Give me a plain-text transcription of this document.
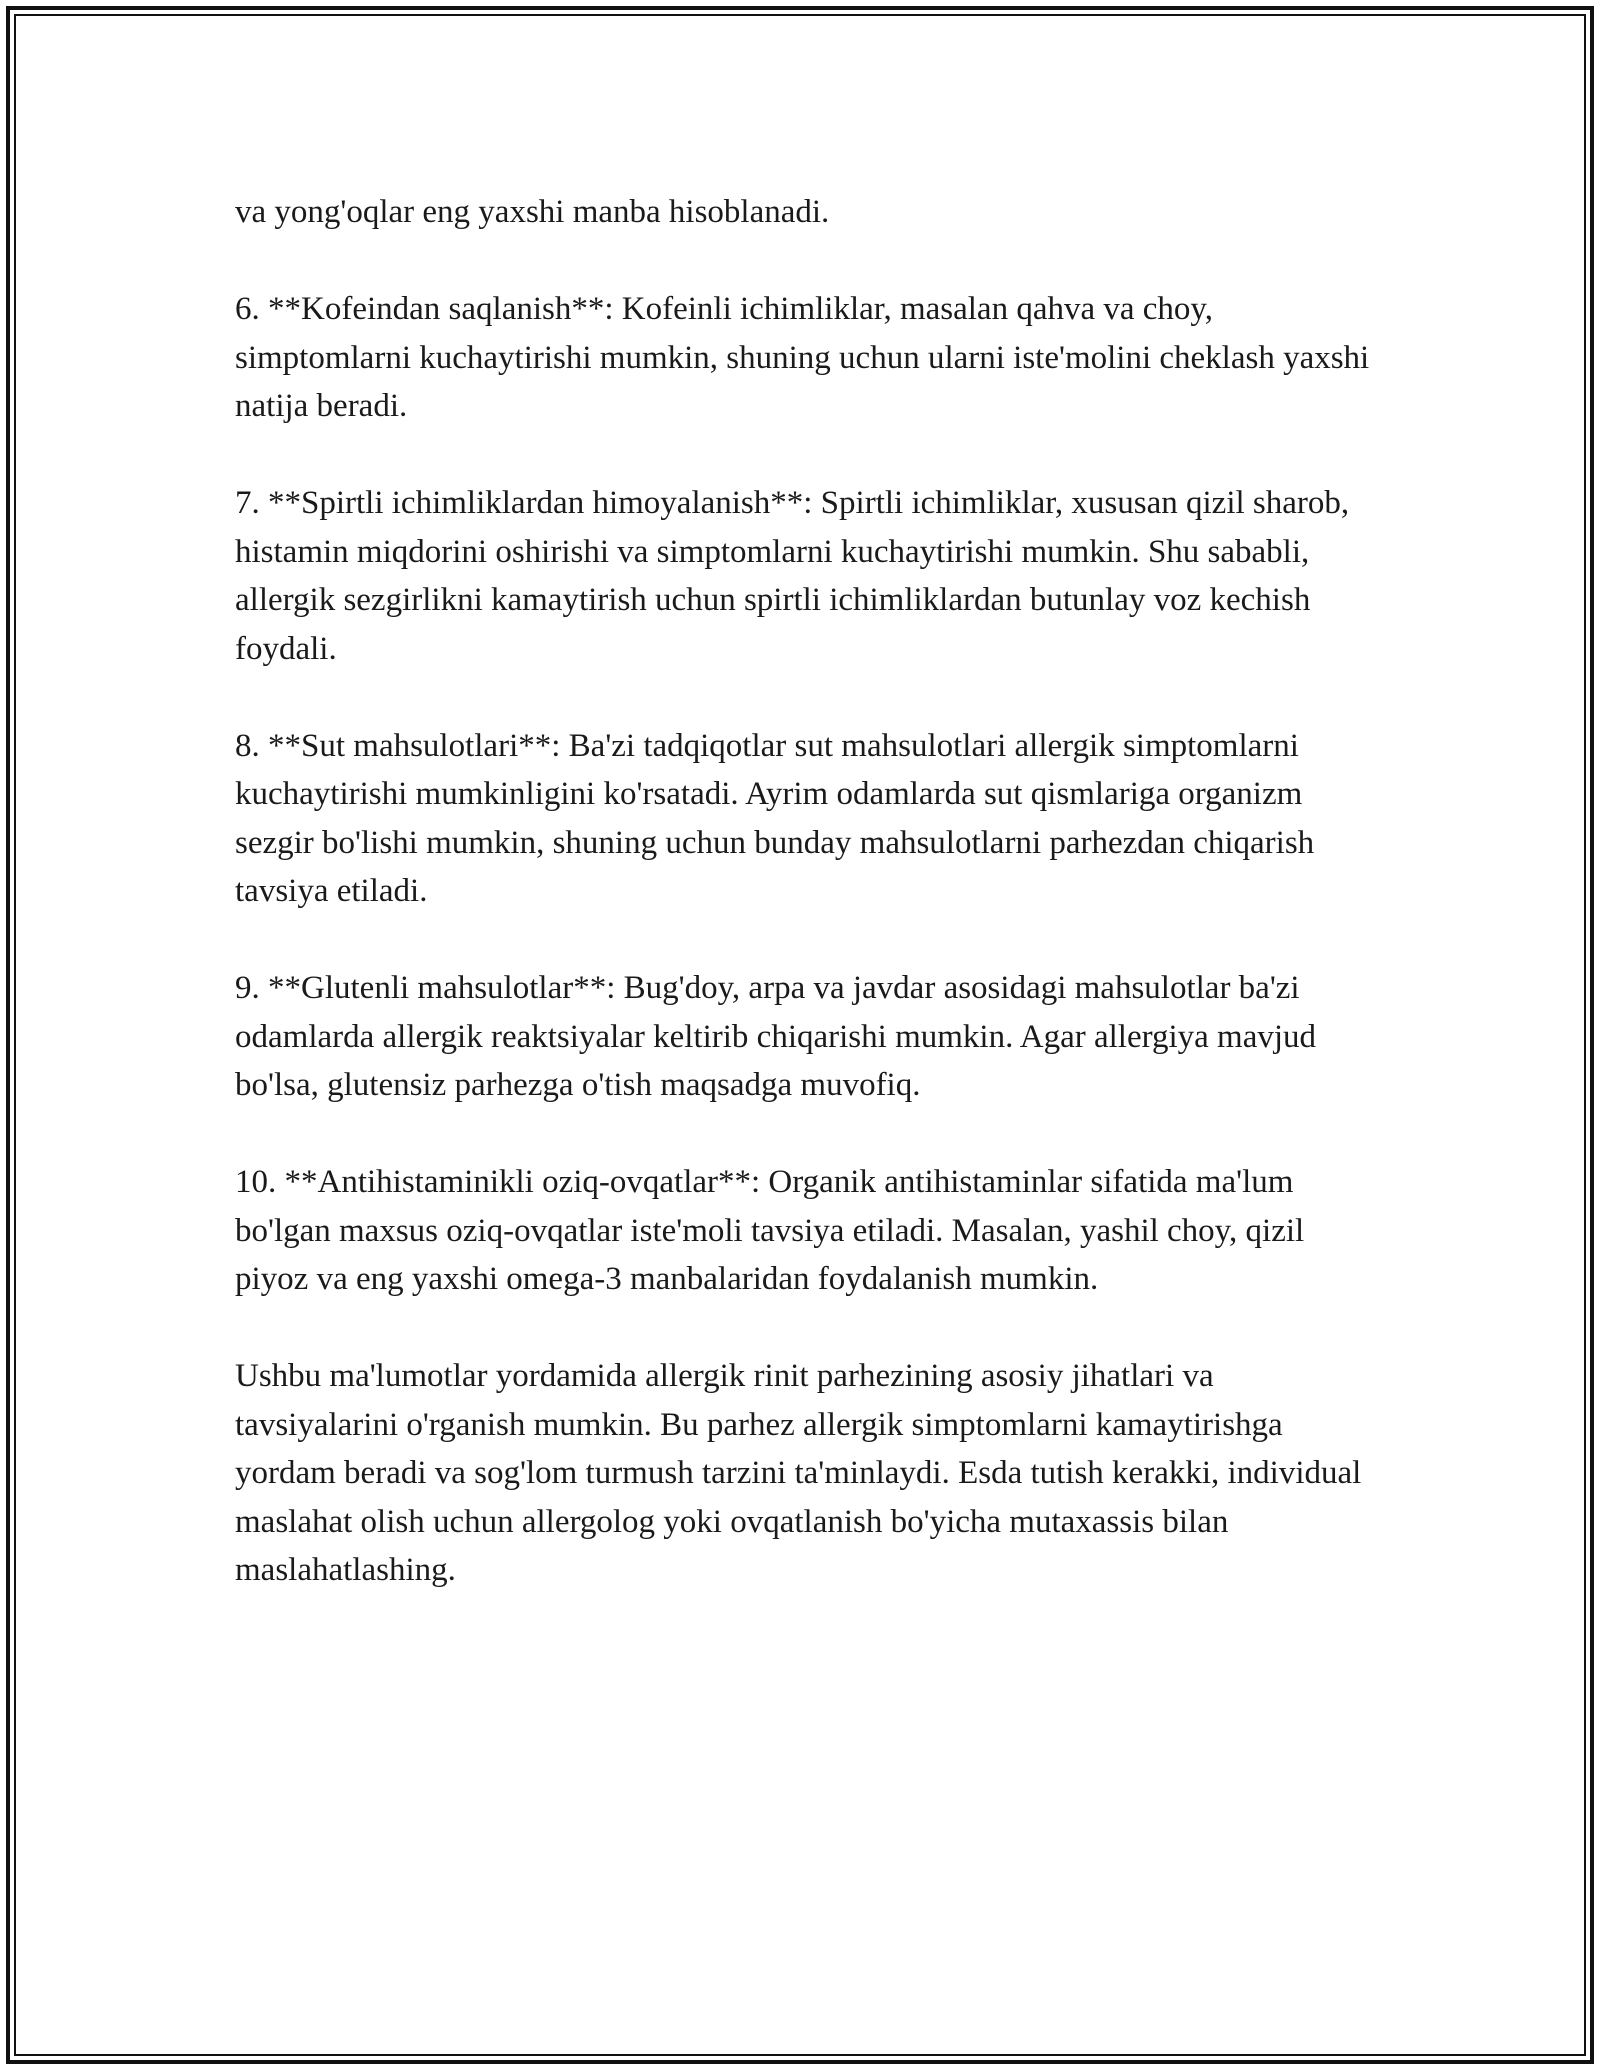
va yong'oqlar eng yaxshi manba hisoblanadi.

6. **Kofeindan saqlanish**: Kofeinli ichimliklar, masalan qahva va choy, simptomlarni kuchaytirishi mumkin, shuning uchun ularni iste'molini cheklash yaxshi natija beradi.

7. **Spirtli ichimliklardan himoyalanish**: Spirtli ichimliklar, xususan qizil sharob, histamin miqdorini oshirishi va simptomlarni kuchaytirishi mumkin. Shu sababli, allergik sezgirlikni kamaytirish uchun spirtli ichimliklardan butunlay voz kechish foydali.

8. **Sut mahsulotlari**: Ba'zi tadqiqotlar sut mahsulotlari allergik simptomlarni kuchaytirishi mumkinligini ko'rsatadi. Ayrim odamlarda sut qismlariga organizm sezgir bo'lishi mumkin, shuning uchun bunday mahsulotlarni parhezdan chiqarish tavsiya etiladi.

9. **Glutenli mahsulotlar**: Bug'doy, arpa va javdar asosidagi mahsulotlar ba'zi odamlarda allergik reaktsiyalar keltirib chiqarishi mumkin. Agar allergiya mavjud bo'lsa, glutensiz parhezga o'tish maqsadga muvofiq.

10. **Antihistaminikli oziq-ovqatlar**: Organik antihistaminlar sifatida ma'lum bo'lgan maxsus oziq-ovqatlar iste'moli tavsiya etiladi. Masalan, yashil choy, qizil piyoz va eng yaxshi omega-3 manbalaridan foydalanish mumkin.

Ushbu ma'lumotlar yordamida allergik rinit parhezining asosiy jihatlari va tavsiyalarini o'rganish mumkin. Bu parhez allergik simptomlarni kamaytirishga yordam beradi va sog'lom turmush tarzini ta'minlaydi. Esda tutish kerakki, individual maslahat olish uchun allergolog yoki ovqatlanish bo'yicha mutaxassis bilan maslahatlashing.
